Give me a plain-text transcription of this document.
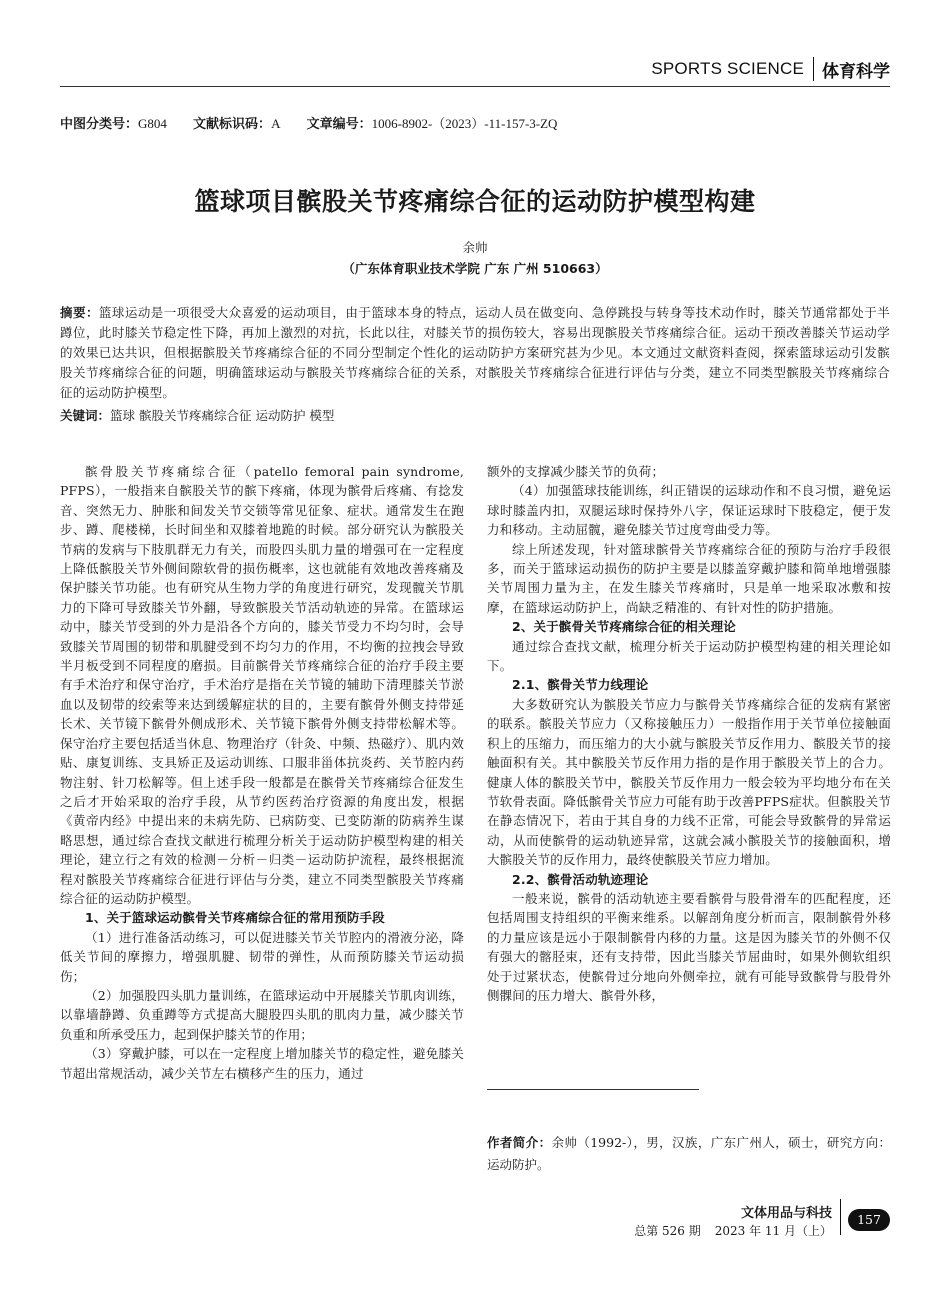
SPORTS SCIENCE 体育科学
中图分类号：G804 文献标识码：A 文章编号：1006-8902-（2023）-11-157-3-ZQ
篮球项目髌股关节疼痛综合征的运动防护模型构建
余帅
（广东体育职业技术学院 广东 广州 510663）
摘要：篮球运动是一项很受大众喜爱的运动项目，由于篮球本身的特点，运动人员在做变向、急停跳投与转身等技术动作时，膝关节通常都处于半蹲位，此时膝关节稳定性下降，再加上激烈的对抗，长此以往，对膝关节的损伤较大，容易出现髌股关节疼痛综合征。运动干预改善膝关节运动学的效果已达共识，但根据髌股关节疼痛综合征的不同分型制定个性化的运动防护方案研究甚为少见。本文通过文献资料查阅，探索篮球运动引发髌股关节疼痛综合征的问题，明确篮球运动与髌股关节疼痛综合征的关系，对髌股关节疼痛综合征进行评估与分类，建立不同类型髌股关节疼痛综合征的运动防护模型。
关键词：篮球 髌股关节疼痛综合征 运动防护 模型

髌骨股关节疼痛综合征（patello femoral pain syndrome, PFPS），一般指来自髌股关节的髌下疼痛，体现为髌骨后疼痛、有捻发音、突然无力、肿胀和间发关节交锁等常见征象、症状。通常发生在跑步、蹲、爬楼梯，长时间坐和双膝着地跪的时候。部分研究认为髌股关节病的发病与下肢肌群无力有关，而股四头肌力量的增强可在一定程度上降低髌股关节外侧间隙软骨的损伤概率，这也就能有效地改善疼痛及保护膝关节功能。也有研究从生物力学的角度进行研究，发现髋关节肌力的下降可导致膝关节外翻，导致髌股关节活动轨迹的异常。在篮球运动中，膝关节受到的外力是沿各个方向的，膝关节受力不均匀时，会导致膝关节周围的韧带和肌腱受到不均匀力的作用，不均衡的拉拽会导致半月板受到不同程度的磨损。目前髌骨关节疼痛综合征的治疗手段主要有手术治疗和保守治疗，手术治疗是指在关节镜的辅助下清理膝关节淤血以及韧带的绞索等来达到缓解症状的目的，主要有髌骨外侧支持带延长术、关节镜下髌骨外侧成形术、关节镜下髌骨外侧支持带松解术等。保守治疗主要包括适当休息、物理治疗（针灸、中频、热磁疗）、肌内效贴、康复训练、支具矫正及运动训练、口服非甾体抗炎药、关节腔内药物注射、针刀松解等。但上述手段一般都是在髌骨关节疼痛综合征发生之后才开始采取的治疗手段，从节约医药治疗资源的角度出发，根据《黄帝内经》中提出来的未病先防、已病防变、已变防渐的防病养生谋略思想，通过综合查找文献进行梳理分析关于运动防护模型构建的相关理论，建立行之有效的检测－分析－归类－运动防护流程，最终根据流程对髌股关节疼痛综合征进行评估与分类，建立不同类型髌股关节疼痛综合征的运动防护模型。

1、关于篮球运动髌骨关节疼痛综合征的常用预防手段

（1）进行准备活动练习，可以促进膝关节关节腔内的滑液分泌，降低关节间的摩擦力，增强肌腱、韧带的弹性，从而预防膝关节运动损伤；

（2）加强股四头肌力量训练，在篮球运动中开展膝关节肌肉训练，以靠墙静蹲、负重蹲等方式提高大腿股四头肌的肌肉力量，减少膝关节负重和所承受压力，起到保护膝关节的作用；

（3）穿戴护膝，可以在一定程度上增加膝关节的稳定性，避免膝关节超出常规活动，减少关节左右横移产生的压力，通过

额外的支撑减少膝关节的负荷；

（4）加强篮球技能训练，纠正错误的运球动作和不良习惯，避免运球时膝盖内扣，双腿运球时保持外八字，保证运球时下肢稳定，便于发力和移动。主动屈髋，避免膝关节过度弯曲受力等。

综上所述发现，针对篮球髌骨关节疼痛综合征的预防与治疗手段很多，而关于篮球运动损伤的防护主要是以膝盖穿戴护膝和简单地增强膝关节周围力量为主，在发生膝关节疼痛时，只是单一地采取冰敷和按摩，在篮球运动防护上，尚缺乏精准的、有针对性的防护措施。

2、关于髌骨关节疼痛综合征的相关理论

通过综合查找文献，梳理分析关于运动防护模型构建的相关理论如下。

2.1、髌骨关节力线理论

大多数研究认为髌股关节应力与髌骨关节疼痛综合征的发病有紧密的联系。髌股关节应力（又称接触压力）一般指作用于关节单位接触面积上的压缩力，而压缩力的大小就与髌股关节反作用力、髌股关节的接触面积有关。其中髌股关节反作用力指的是作用于髌股关节上的合力。健康人体的髌股关节中，髌股关节反作用力一般会较为平均地分布在关节软骨表面。降低髌骨关节应力可能有助于改善PFPS症状。但髌股关节在静态情况下，若由于其自身的力线不正常，可能会导致髌骨的异常运动，从而使髌骨的运动轨迹异常，这就会减小髌股关节的接触面积，增大髌股关节的反作用力，最终使髌股关节应力增加。

2.2、髌骨活动轨迹理论

一般来说，髌骨的活动轨迹主要看髌骨与股骨滑车的匹配程度，还包括周围支持组织的平衡来维系。以解剖角度分析而言，限制髌骨外移的力量应该是远小于限制髌骨内移的力量。这是因为膝关节的外侧不仅有强大的髂胫束，还有支持带，因此当膝关节屈曲时，如果外侧软组织处于过紧状态，使髌骨过分地向外侧牵拉，就有可能导致髌骨与股骨外侧髁间的压力增大、髌骨外移，

作者简介：余帅（1992-），男，汉族，广东广州人，硕士，研究方向：运动防护。
文体用品与科技
总第 526 期 2023 年 11 月（上）
157
